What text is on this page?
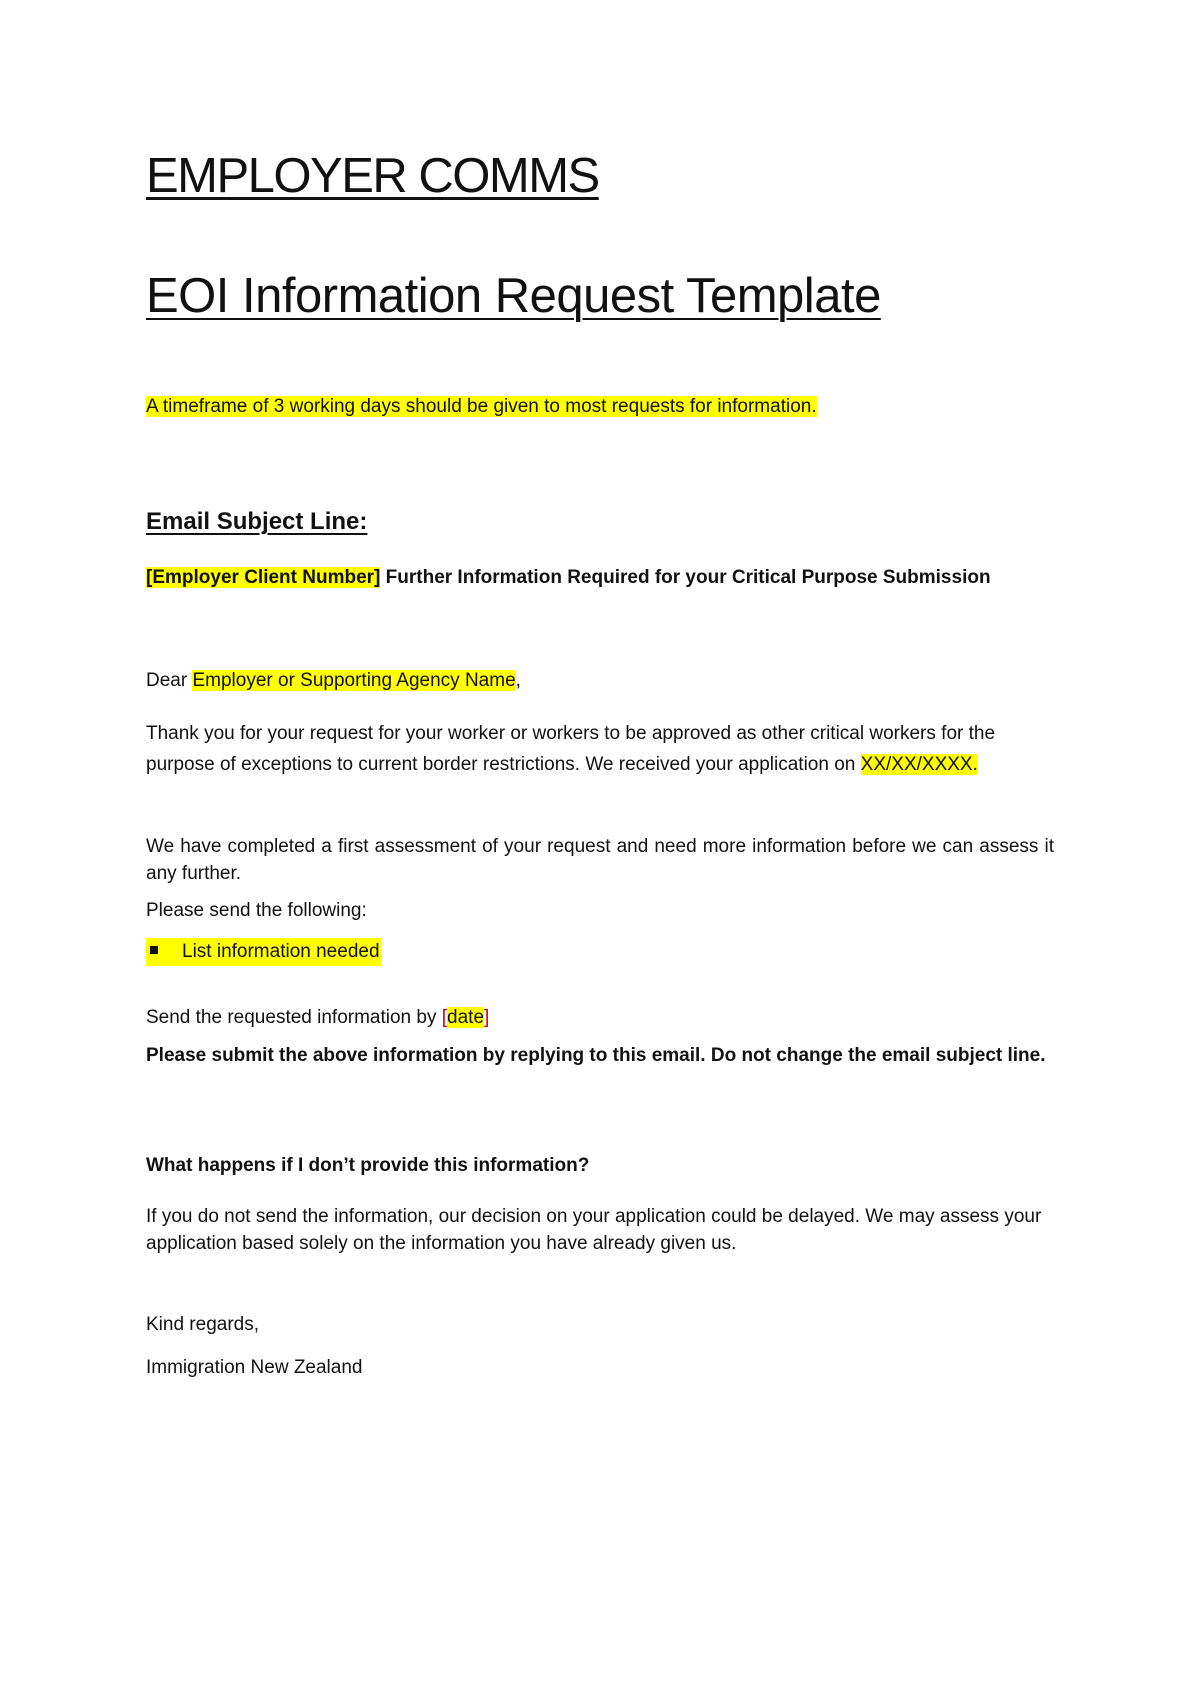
EMPLOYER COMMS
EOI Information Request Template

A timeframe of 3 working days should be given to most requests for information.

Email Subject Line:

[Employer Client Number] Further Information Required for your Critical Purpose Submission

Dear Employer or Supporting Agency Name,

Thank you for your request for your worker or workers to be approved as other critical workers for the purpose of exceptions to current border restrictions. We received your application on XX/XX/XXXX.

We have completed a first assessment of your request and need more information before we can assess it any further.

Please send the following:

List information needed

Send the requested information by [date]

Please submit the above information by replying to this email. Do not change the email subject line.

What happens if I don’t provide this information?

If you do not send the information, our decision on your application could be delayed. We may assess your application based solely on the information you have already given us.

Kind regards,

Immigration New Zealand
